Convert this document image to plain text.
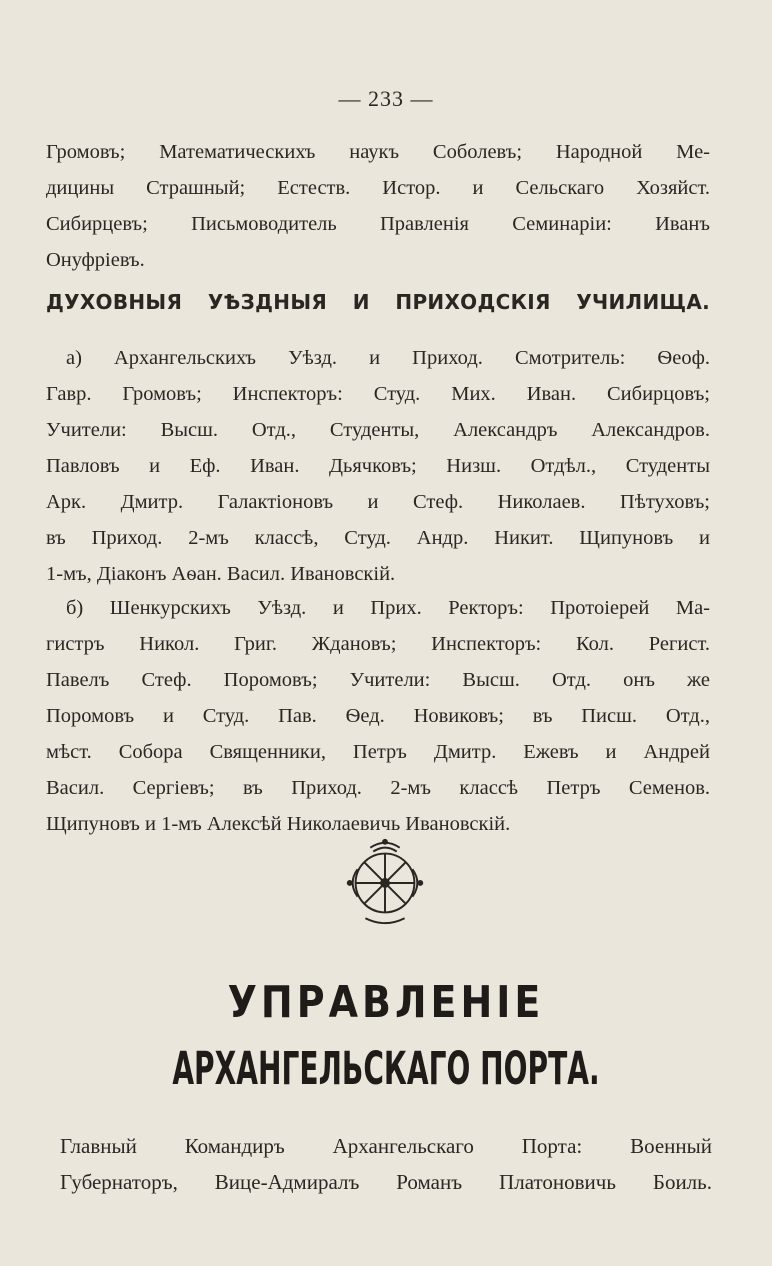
— 233 —
Громовъ; Математическихъ наукъ Соболевъ; Народной Ме-
дицины Страшный; Естеств. Истор. и Сельскаго Хозяйст.
Сибирцевъ; Письмоводитель Правленія Семинаріи: Иванъ
Онуфріевъ.
ДУХОВНЫЯ УѢЗДНЫЯ И ПРИХОДСКІЯ УЧИЛИЩА.
а) Архангельскихъ Уѣзд. и Приход. Смотритель: Ѳеоф.
Гавр. Громовъ; Инспекторъ: Студ. Мих. Иван. Сибирцовъ;
Учители: Высш. Отд., Студенты, Александръ Александров.
Павловъ и Еф. Иван. Дьячковъ; Низш. Отдѣл., Студенты
Арк. Дмитр. Галактіоновъ и Стеф. Николаев. Пѣтуховъ;
въ Приход. 2-мъ классѣ, Студ. Андр. Никит. Щипуновъ и
1-мъ, Діаконъ Аѳан. Васил. Ивановскій.
б) Шенкурскихъ Уѣзд. и Прих. Ректоръ: Протоіерей Ма-
гистръ Никол. Григ. Ждановъ; Инспекторъ: Кол. Регист.
Павелъ Стеф. Поромовъ; Учители: Высш. Отд. онъ же
Поромовъ и Студ. Пав. Ѳед. Новиковъ; въ Писш. Отд.,
мѣст. Собора Священники, Петръ Дмитр. Ежевъ и Андрей
Васил. Сергіевъ; въ Приход. 2-мъ классѣ Петръ Семенов.
Щипуновъ и 1-мъ Алексѣй Николаевичь Ивановскій.
УПРАВЛЕНІЕ
АРХАНГЕЛЬСКАГО ПОРТА.
Главный Командиръ Архангельскаго Порта: Военный
Губернаторъ, Вице-Адмиралъ Романъ Платоновичь Боиль.
